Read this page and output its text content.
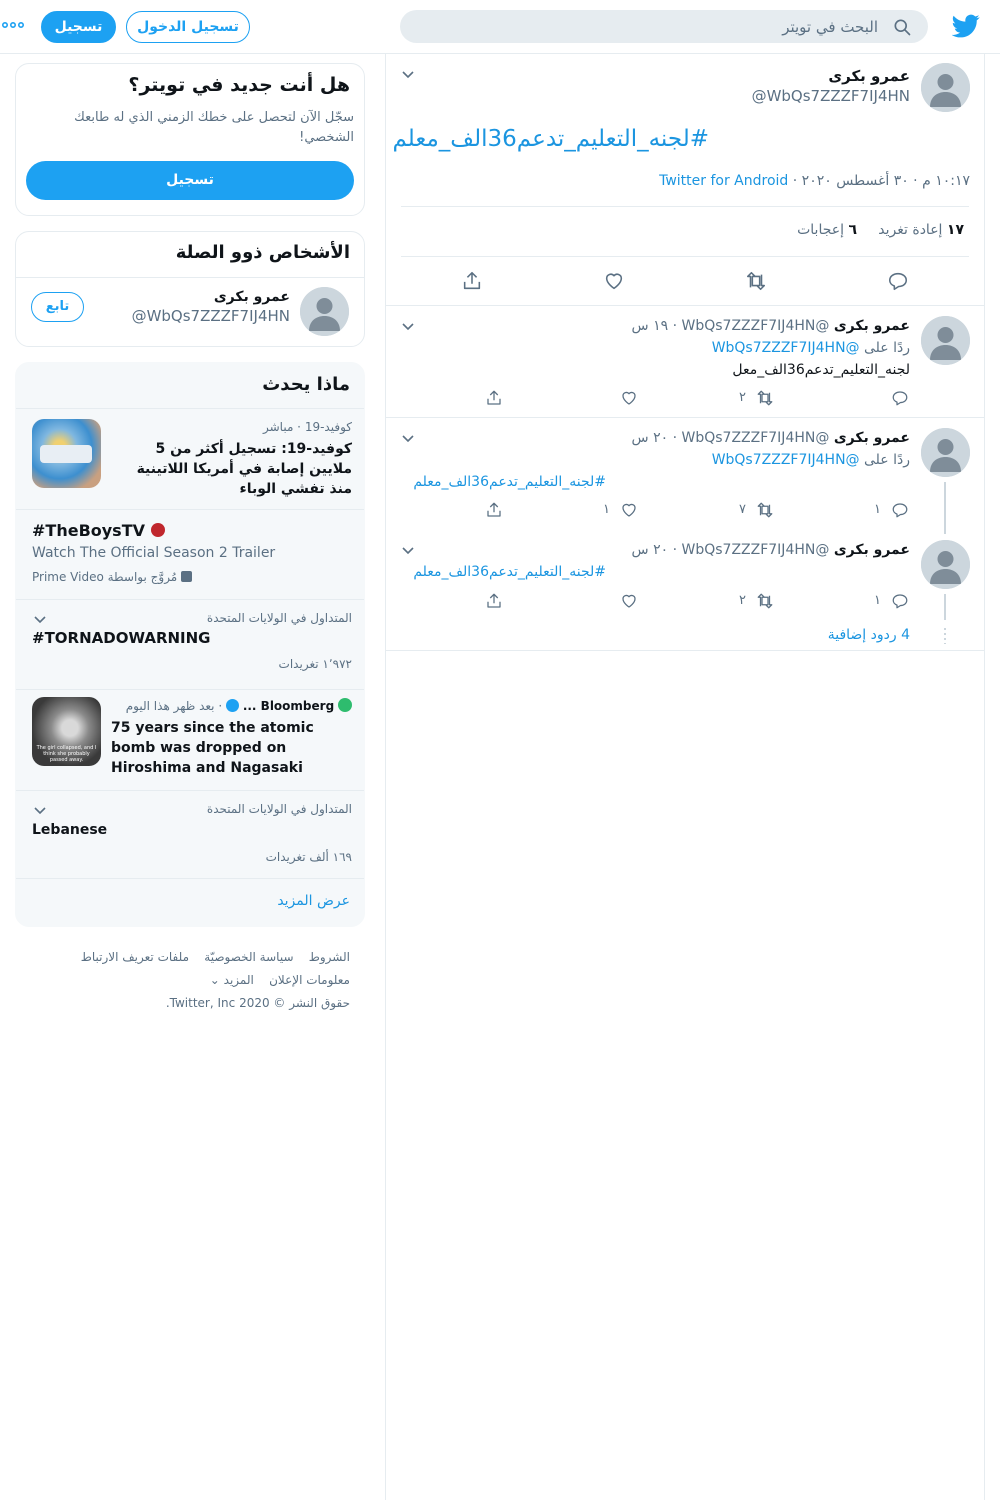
البحث في تويتر
تسجيل الدخول
تسجيل
عمرو بكرى
@WbQs7ZZZF7IJ4HN
#لجنه_التعليم_تدعم36الف_معلم
١٠:١٧ م · ٣٠ أغسطس ٢٠٢٠ · Twitter for Android
١٧ إعادة تغريد
٦ إعجابات
عمرو بكرى @WbQs7ZZZF7IJ4HN · ١٩ س
ردًا على @WbQs7ZZZF7IJ4HN
لجنه_التعليم_تدعم36الف_معل
٢
عمرو بكرى @WbQs7ZZZF7IJ4HN · ٢٠ س
ردًا على @WbQs7ZZZF7IJ4HN
#لجنه_التعليم_تدعم36الف_معلم
١
٧
١
عمرو بكرى @WbQs7ZZZF7IJ4HN · ٢٠ س
#لجنه_التعليم_تدعم36الف_معلم
١
٢
4 ردود إضافية
هل أنت جديد في تويتر؟
سجّل الآن لتحصل على خطك الزمني الذي له طابعك الشخصي!
تسجيل
الأشخاص ذوو الصلة
عمرو بكرى
@WbQs7ZZZF7IJ4HN
تابع
ماذا يحدث
كوفيد-19 · مباشر
كوفيد-19: تسجيل أكثر من 5 ملايين إصابة في أمريكا اللاتينية منذ تفشي الوباء
#TheBoysTV
Watch The Official Season 2 Trailer
مُروَّج بواسطة Prime Video
المتداول في الولايات المتحدة
#TORNADOWARNING
١٬٩٧٢ تغريدات
The girl collapsed, and I think she probably passed away.
Bloomberg ...  · بعد ظهر هذا اليوم
75 years since the atomic bomb was dropped on Hiroshima and Nagasaki
المتداول في الولايات المتحدة
Lebanese
١٦٩ ألف تغريدات
عرض المزيد
الشروط    سياسة الخصوصيّة    ملفات تعريف الارتباط
معلومات الإعلان    المزيد ⌄
حقوق النشر © 2020 Twitter, Inc.
